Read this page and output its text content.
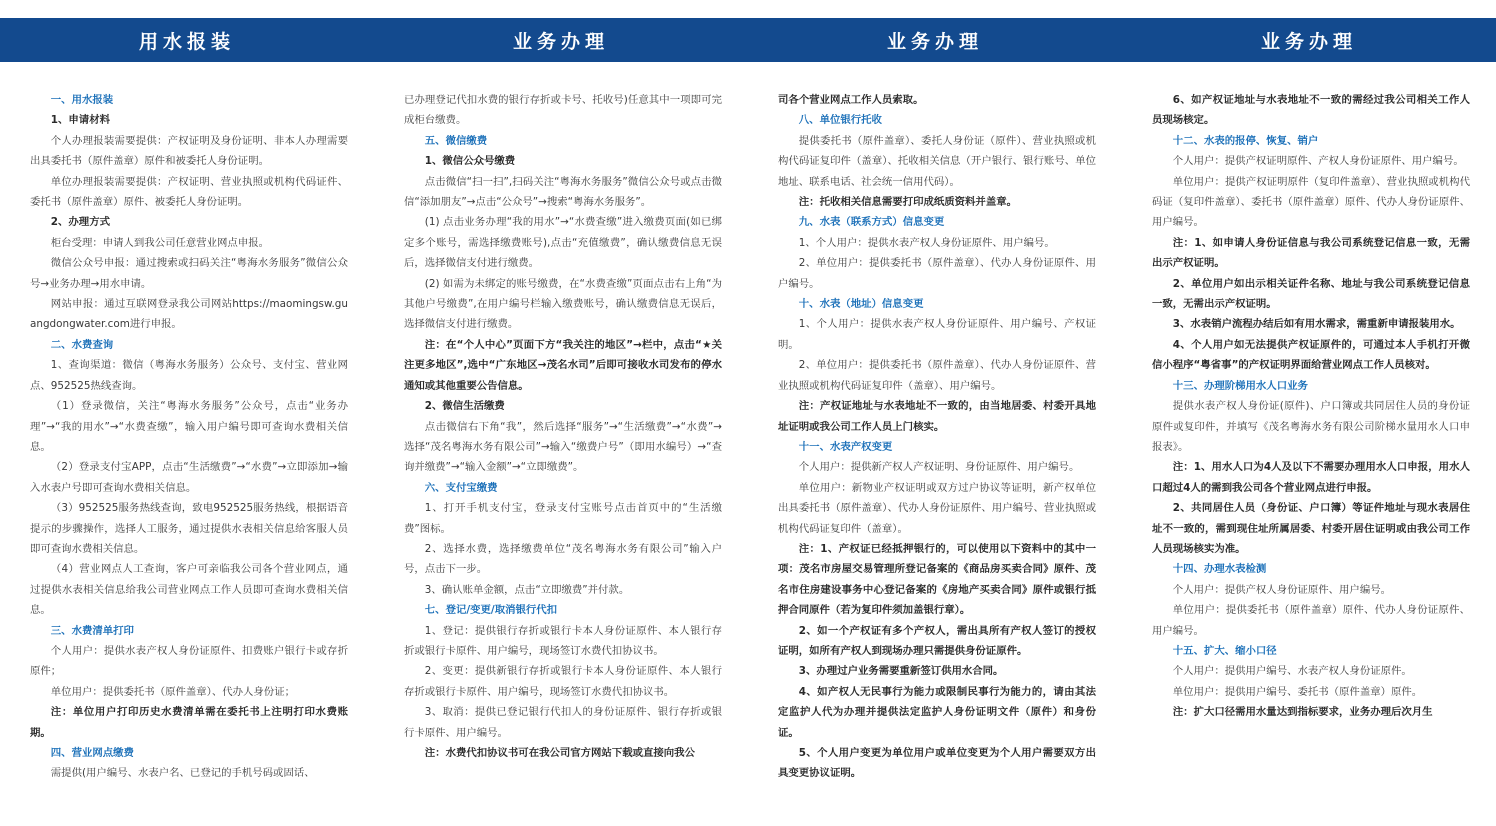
用水报装	业务办理	业务办理	业务办理

一、用水报装

1、申请材料

个人办理报装需要提供：产权证明及身份证明、非本人办理需要出具委托书（原件盖章）原件和被委托人身份证明。

单位办理报装需要提供：产权证明、营业执照或机构代码证件、委托书（原件盖章）原件、被委托人身份证明。

2、办理方式

柜台受理：申请人到我公司任意营业网点申报。

微信公众号申报：通过搜索或扫码关注“粤海水务服务”微信公众号→业务办理→用水申请。

网站申报：通过互联网登录我公司网站https://maomingsw.guangdongwater.com进行申报。

二、水费查询

1、查询渠道：微信（粤海水务服务）公众号、支付宝、营业网点、952525热线查询。

（1）登录微信，关注“粤海水务服务”公众号，点击“业务办理”→“我的用水”→“水费查缴”，输入用户编号即可查询水费相关信息。

（2）登录支付宝APP，点击“生活缴费”→“水费”→立即添加→输入水表户号即可查询水费相关信息。

（3）952525服务热线查询，致电952525服务热线，根据语音提示的步骤操作，选择人工服务，通过提供水表相关信息给客服人员即可查询水费相关信息。

（4）营业网点人工查询，客户可亲临我公司各个营业网点，通过提供水表相关信息给我公司营业网点工作人员即可查询水费相关信息。

三、水费清单打印

个人用户：提供水表产权人身份证原件、扣费账户银行卡或存折原件；

单位用户：提供委托书（原件盖章）、代办人身份证；

注：单位用户打印历史水费清单需在委托书上注明打印水费账期。

四、营业网点缴费

需提供(用户编号、水表户名、已登记的手机号码或固话、

已办理登记代扣水费的银行存折或卡号、托收号)任意其中一项即可完成柜台缴费。

五、微信缴费

1、微信公众号缴费

点击微信“扫一扫”,扫码关注“粤海水务服务”微信公众号或点击微信“添加朋友”→点击“公众号”→搜索“粤海水务服务”。

(1) 点击业务办理“我的用水”→“水费查缴”进入缴费页面(如已绑定多个账号，需选择缴费账号),点击“充值缴费”，确认缴费信息无误后，选择微信支付进行缴费。

(2) 如需为未绑定的账号缴费，在“水费查缴”页面点击右上角“为其他户号缴费”,在用户编号栏输入缴费账号，确认缴费信息无误后，选择微信支付进行缴费。

注：在“个人中心”页面下方“我关注的地区”→栏中，点击“★关注更多地区”,选中“广东地区→茂名水司”后即可接收水司发布的停水通知或其他重要公告信息。

2、微信生活缴费

点击微信右下角“我”，然后选择“服务”→“生活缴费”→“水费”→选择“茂名粤海水务有限公司”→输入“缴费户号”（即用水编号）→“查询并缴费”→“输入金额”→“立即缴费”。

六、支付宝缴费

1、打开手机支付宝，登录支付宝账号点击首页中的“生活缴费”图标。

2、选择水费，选择缴费单位“茂名粤海水务有限公司”输入户号，点击下一步。

3、确认账单金额，点击“立即缴费”并付款。

七、登记/变更/取消银行代扣

1、登记：提供银行存折或银行卡本人身份证原件、本人银行存折或银行卡原件、用户编号，现场签订水费代扣协议书。

2、变更：提供新银行存折或银行卡本人身份证原件、本人银行存折或银行卡原件、用户编号，现场签订水费代扣协议书。

3、取消：提供已登记银行代扣人的身份证原件、银行存折或银行卡原件、用户编号。

注：水费代扣协议书可在我公司官方网站下载或直接向我公

司各个营业网点工作人员索取。

八、单位银行托收

提供委托书（原件盖章）、委托人身份证（原件）、营业执照或机构代码证复印件（盖章）、托收相关信息（开户银行、银行账号、单位地址、联系电话、社会统一信用代码）。

注：托收相关信息需要打印成纸质资料并盖章。

九、水表（联系方式）信息变更

1、个人用户：提供水表产权人身份证原件、用户编号。

2、单位用户：提供委托书（原件盖章）、代办人身份证原件、用户编号。

十、水表（地址）信息变更

1、个人用户：提供水表产权人身份证原件、用户编号、产权证明。

2、单位用户：提供委托书（原件盖章）、代办人身份证原件、营业执照或机构代码证复印件（盖章）、用户编号。

注：产权证地址与水表地址不一致的，由当地居委、村委开具地址证明或我公司工作人员上门核实。

十一、水表产权变更

个人用户：提供新产权人产权证明、身份证原件、用户编号。

单位用户：新物业产权证明或双方过户协议等证明，新产权单位出具委托书（原件盖章）、代办人身份证原件、用户编号、营业执照或机构代码证复印件（盖章）。

注：1、产权证已经抵押银行的，可以使用以下资料中的其中一项：茂名市房屋交易管理所登记备案的《商品房买卖合同》原件、茂名市住房建设事务中心登记备案的《房地产买卖合同》原件或银行抵押合同原件（若为复印件须加盖银行章）。

2、如一个产权证有多个产权人，需出具所有产权人签订的授权证明，如所有产权人到现场办理只需提供身份证原件。

3、办理过户业务需要重新签订供用水合同。

4、如产权人无民事行为能力或限制民事行为能力的，请由其法定监护人代为办理并提供法定监护人身份证明文件（原件）和身份证。

5、个人用户变更为单位用户或单位变更为个人用户需要双方出具变更协议证明。

6、如产权证地址与水表地址不一致的需经过我公司相关工作人员现场核定。

十二、水表的报停、恢复、销户

个人用户：提供产权证明原件、产权人身份证原件、用户编号。

单位用户：提供产权证明原件（复印件盖章）、营业执照或机构代码证（复印件盖章）、委托书（原件盖章）原件、代办人身份证原件、用户编号。

注：1、如申请人身份证信息与我公司系统登记信息一致，无需出示产权证明。

2、单位用户如出示相关证件名称、地址与我公司系统登记信息一致，无需出示产权证明。

3、水表销户流程办结后如有用水需求，需重新申请报装用水。

4、个人用户如无法提供产权证原件的，可通过本人手机打开微信小程序“粤省事”的产权证明界面给营业网点工作人员核对。

十三、办理阶梯用水人口业务

提供水表产权人身份证(原件)、户口簿或共同居住人员的身份证原件或复印件，并填写《茂名粤海水务有限公司阶梯水量用水人口申报表》。

注：1、用水人口为4人及以下不需要办理用水人口申报，用水人口超过4人的需到我公司各个营业网点进行申报。

2、共同居住人员（身份证、户口簿）等证件地址与现水表居住址不一致的，需到现住址所属居委、村委开居住证明或由我公司工作人员现场核实为准。

十四、办理水表检测

个人用户：提供产权人身份证原件、用户编号。

单位用户：提供委托书（原件盖章）原件、代办人身份证原件、用户编号。

十五、扩大、缩小口径

个人用户：提供用户编号、水表产权人身份证原件。

单位用户：提供用户编号、委托书（原件盖章）原件。

注：扩大口径需用水量达到指标要求，业务办理后次月生
